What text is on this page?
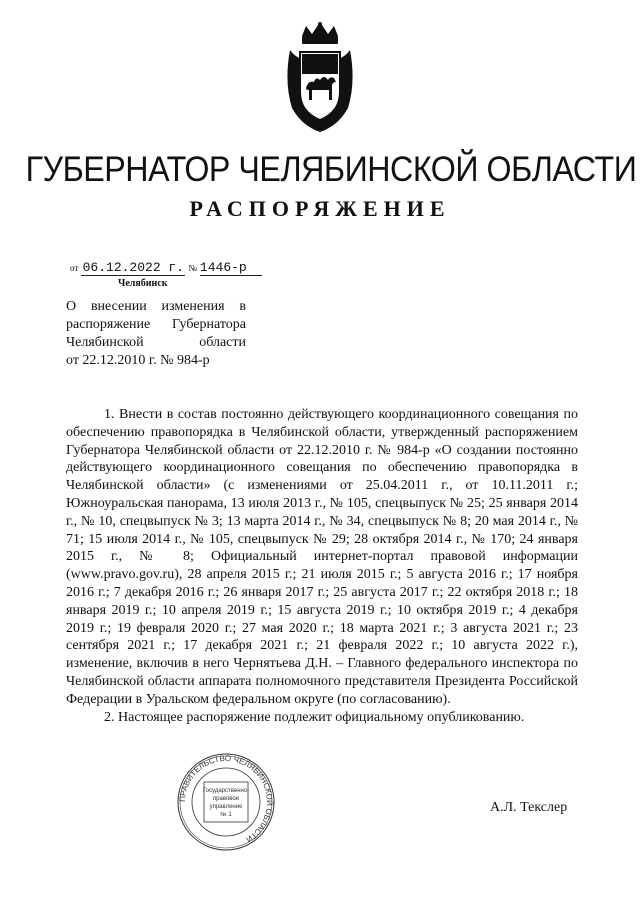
ГУБЕРНАТОР ЧЕЛЯБИНСКОЙ ОБЛАСТИ
РАСПОРЯЖЕНИЕ
от 06.12.2022 г. № 1446-р
Челябинск
О внесении изменения в
распоряжение Губернатора
Челябинской области
от 22.12.2010 г. № 984-р

1. Внести в состав постоянно действующего координационного совещания по обеспечению правопорядка в Челябинской области, утвержденный распоряжением Губернатора Челябинской области от 22.12.2010 г. № 984-р «О создании постоянно действующего координационного совещания по обеспечению правопорядка в Челябинской области» (с изменениями от 25.04.2011 г., от 10.11.2011 г.; Южноуральская панорама, 13 июля 2013 г., № 105, спецвыпуск № 25; 25 января 2014 г., № 10, спецвыпуск № 3; 13 марта 2014 г., № 34, спецвыпуск № 8; 20 мая 2014 г., № 71; 15 июля 2014 г., № 105, спецвыпуск № 29; 28 октября 2014 г., № 170; 24 января 2015 г., № 8; Официальный интернет-портал правовой информации (www.pravo.gov.ru), 28 апреля 2015 г.; 21 июля 2015 г.; 5 августа 2016 г.; 17 ноября 2016 г.; 7 декабря 2016 г.; 26 января 2017 г.; 25 августа 2017 г.; 22 октября 2018 г.; 18 января 2019 г.; 10 апреля 2019 г.; 15 августа 2019 г.; 10 октября 2019 г.; 4 декабря 2019 г.; 19 февраля 2020 г.; 27 мая 2020 г.; 18 марта 2021 г.; 3 августа 2021 г.; 23 сентября 2021 г.; 17 декабря 2021 г.; 21 февраля 2022 г.; 10 августа 2022 г.), изменение, включив в него Чернятьева Д.Н. – Главного федерального инспектора по Челябинской области аппарата полномочного представителя Президента Российской Федерации в Уральском федеральном округе (по согласованию).

2. Настоящее распоряжение подлежит официальному опубликованию.

ПРАВИТЕЛЬСТВО ЧЕЛЯБИНСКОЙ ОБЛАСТИ
Государственно-
правовое
управление
№ 1	А.Л. Текслер
